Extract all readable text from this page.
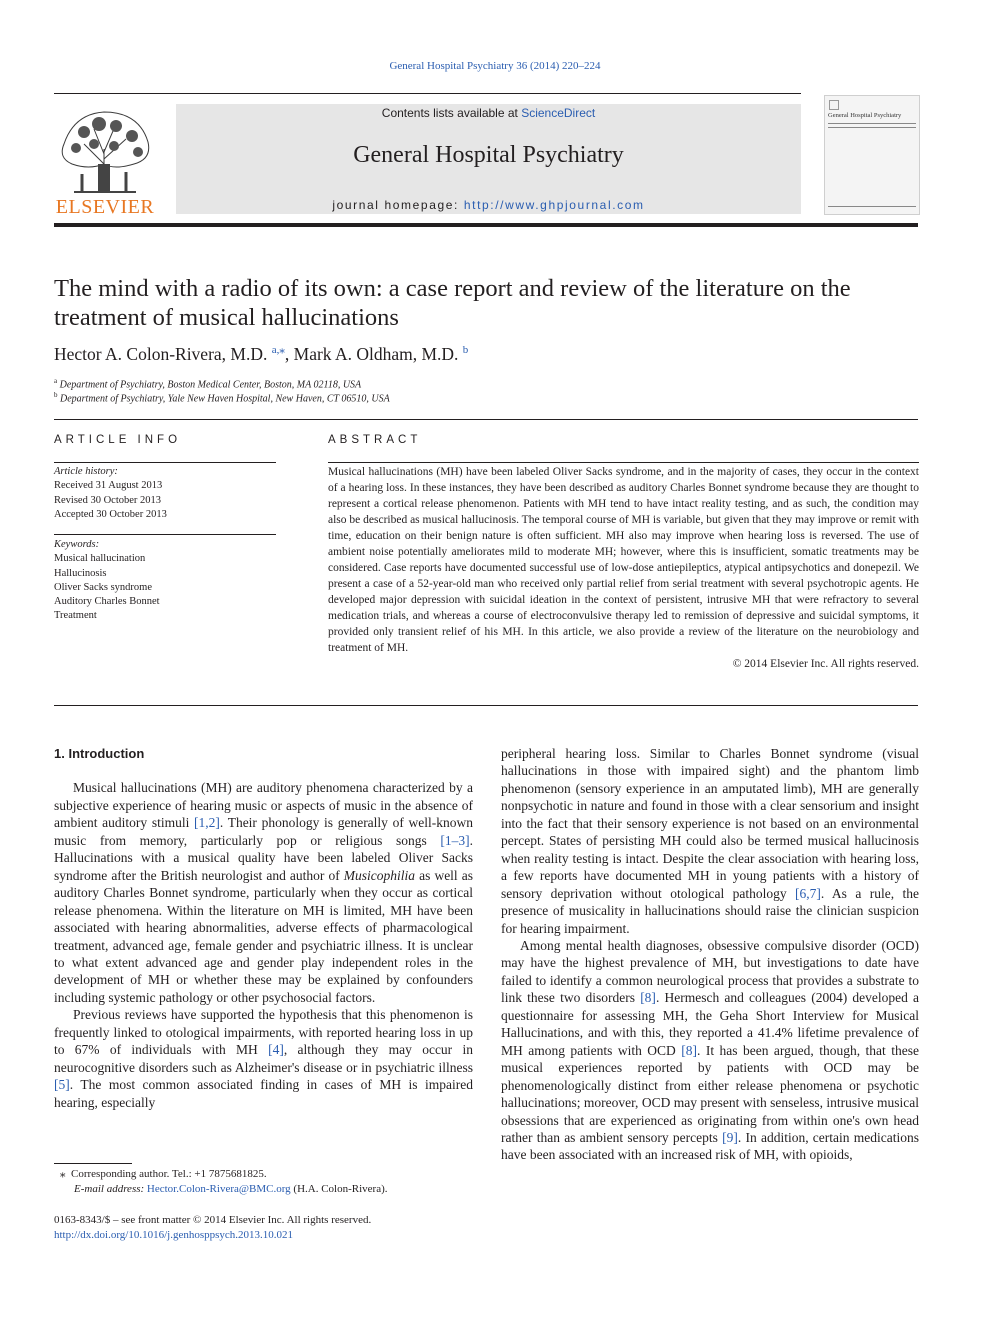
General Hospital Psychiatry 36 (2014) 220–224
ELSEVIER
Contents lists available at ScienceDirect
General Hospital Psychiatry
journal homepage: http://www.ghpjournal.com
General Hospital Psychiatry
The mind with a radio of its own: a case report and review of the literature on the
treatment of musical hallucinations
Hector A. Colon-Rivera, M.D. $^{a,⁎}$, Mark A. Oldham, M.D. $^b$
$^a$ Department of Psychiatry, Boston Medical Center, Boston, MA 02118, USA
$^b$ Department of Psychiatry, Yale New Haven Hospital, New Haven, CT 06510, USA
ARTICLE INFO
Article history:
Received 31 August 2013
Revised 30 October 2013
Accepted 30 October 2013
Keywords:
Musical hallucination
Hallucinosis
Oliver Sacks syndrome
Auditory Charles Bonnet
Treatment
ABSTRACT
Musical hallucinations (MH) have been labeled Oliver Sacks syndrome, and in the majority of cases, they occur in the context of a hearing loss. In these instances, they have been described as auditory Charles Bonnet syndrome because they are thought to represent a cortical release phenomenon. Patients with MH tend to have intact reality testing, and as such, the condition may also be described as musical hallucinosis. The temporal course of MH is variable, but given that they may improve or remit with time, education on their benign nature is often sufficient. MH also may improve when hearing loss is reversed. The use of ambient noise potentially ameliorates mild to moderate MH; however, where this is insufficient, somatic treatments may be considered. Case reports have documented successful use of low-dose antiepileptics, atypical antipsychotics and donepezil. We present a case of a 52-year-old man who received only partial relief from serial treatment with several psychotropic agents. He developed major depression with suicidal ideation in the context of persistent, intrusive MH that were refractory to several medication trials, and whereas a course of electroconvulsive therapy led to remission of depressive and suicidal symptoms, it provided only transient relief of his MH. In this article, we also provide a review of the literature on the neurobiology and treatment of MH.
© 2014 Elsevier Inc. All rights reserved.
1. Introduction

Musical hallucinations (MH) are auditory phenomena characterized by a subjective experience of hearing music or aspects of music in the absence of ambient auditory stimuli [1,2]. Their phonology is generally of well-known music from memory, particularly pop or religious songs [1–3]. Hallucinations with a musical quality have been labeled Oliver Sacks syndrome after the British neurologist and author of Musicophilia as well as auditory Charles Bonnet syndrome, particularly when they occur as cortical release phenomena. Within the literature on MH is limited, MH have been associated with hearing abnormalities, adverse effects of pharmacological treatment, advanced age, female gender and psychiatric illness. It is unclear to what extent advanced age and gender play independent roles in the development of MH or whether these may be explained by confounders including systemic pathology or other psychosocial factors.

Previous reviews have supported the hypothesis that this phenomenon is frequently linked to otological impairments, with reported hearing loss in up to 67% of individuals with MH [4], although they may occur in neurocognitive disorders such as Alzheimer's disease or in psychiatric illness [5]. The most common associated finding in cases of MH is impaired hearing, especially

peripheral hearing loss. Similar to Charles Bonnet syndrome (visual hallucinations in those with impaired sight) and the phantom limb phenomenon (sensory experience in an amputated limb), MH are generally nonpsychotic in nature and found in those with a clear sensorium and insight into the fact that their sensory experience is not based on an environmental percept. States of persisting MH could also be termed musical hallucinosis when reality testing is intact. Despite the clear association with hearing loss, a few reports have documented MH in young patients with a history of sensory deprivation without otological pathology [6,7]. As a rule, the presence of musicality in hallucinations should raise the clinician suspicion for hearing impairment.

Among mental health diagnoses, obsessive compulsive disorder (OCD) may have the highest prevalence of MH, but investigations to date have failed to identify a common neurological process that provides a substrate to link these two disorders [8]. Hermesch and colleagues (2004) developed a questionnaire for assessing MH, the Geha Short Interview for Musical Hallucinations, and with this, they reported a 41.4% lifetime prevalence of MH among patients with OCD [8]. It has been argued, though, that these musical experiences reported by patients with OCD may be phenomenologically distinct from either release phenomena or psychotic hallucinations; moreover, OCD may present with senseless, intrusive musical obsessions that are experienced as originating from within one's own head rather than as ambient sensory percepts [9]. In addition, certain medications have been associated with an increased risk of MH, with opioids,

⁎ Corresponding author. Tel.: +1 7875681825.
E-mail address: Hector.Colon-Rivera@BMC.org (H.A. Colon-Rivera).
0163-8343/$ – see front matter © 2014 Elsevier Inc. All rights reserved.
http://dx.doi.org/10.1016/j.genhosppsych.2013.10.021
